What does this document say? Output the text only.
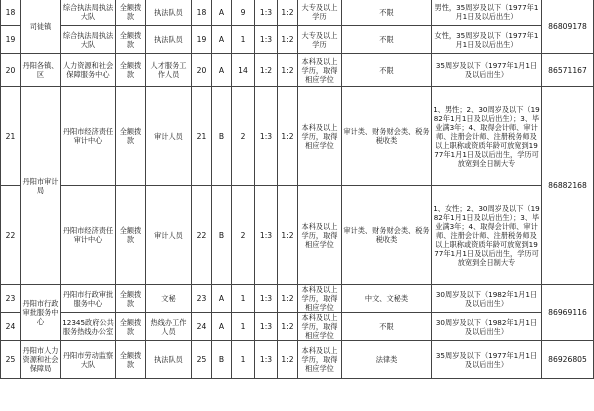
18	司徒镇	综合执法局执法大队	全额拨款	执法队员	18	A	9	1:3	1:2	大专及以上学历	不限	男性，35周岁及以下（1977年1月1日及以后出生）	86809178
19		综合执法局执法大队	全额拨款	执法队员	19	A	1	1:3	1:2	大专及以上学历	不限	女性，35周岁及以下（1977年1月1日及以后出生）	
20	丹阳各镇、区	人力资源和社会保障服务中心	全额拨款	人才服务工作人员	20	A	14	1:2	1:2	本科及以上学历，取得相应学位	不限	35周岁及以下（1977年1月1日及以后出生）	86571167
21	丹阳市审计局	丹阳市经济责任审计中心	全额拨款	审计人员	21	B	2	1:3	1:2	本科及以上学历，取得相应学位	审计类、财务财会类、税务税收类	1、男性；2、30周岁及以下（1982年1月1日及以后出生）；3、毕业满3年；4、取得会计师、审计师、注册会计师、注册税务师及以上职称或资质年龄可放宽到1977年1月1日及以后出生，学历可放宽到全日制大专	86882168
22		丹阳市经济责任审计中心	全额拨款	审计人员	22	B	2	1:3	1:2	本科及以上学历，取得相应学位	审计类、财务财会类、税务税收类	1、女性；2、30周岁及以下（1982年1月1日及以后出生）；3、毕业满3年；4、取得会计师、审计师、注册会计师、注册税务师及以上职称或资质年龄可放宽到1977年1月1日及以后出生，学历可放宽到全日制大专	
23	丹阳市行政审批服务中心	丹阳市行政审批服务中心	全额拨款	文秘	23	A	1	1:3	1:2	本科及以上学历，取得相应学位	中文、文秘类	30周岁及以下（1982年1月1日及以后出生）	86969116
24		12345政府公共服务热线办公室	全额拨款	热线办工作人员	24	A	1	1:3	1:2	本科及以上学历，取得相应学位	不限	30周岁及以下（1982年1月1日及以后出生）	
25	丹阳市人力资源和社会保障局	丹阳市劳动监察大队	全额拨款	执法队员	25	B	1	1:3	1:2	本科及以上学历，取得相应学位	法律类	35周岁及以下（1977年1月1日及以后出生）	86926805
